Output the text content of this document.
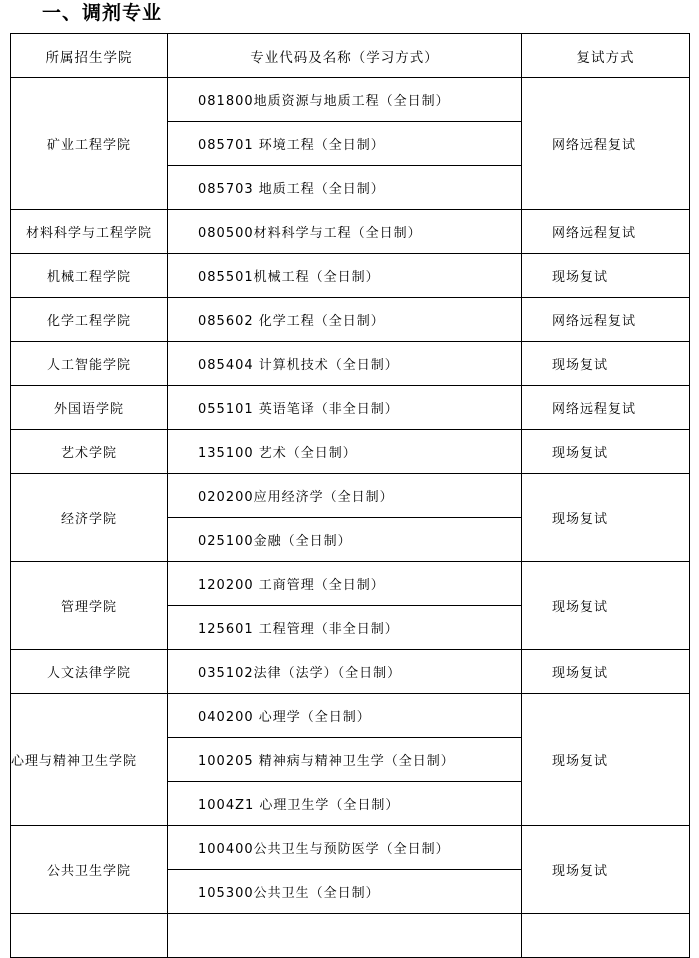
一、调剂专业
所属招生学院	专业代码及名称（学习方式）	复试方式
矿业工程学院	081800地质资源与地质工程（全日制）	网络远程复试
	085701 环境工程（全日制）	
	085703 地质工程（全日制）	
材料科学与工程学院	080500材料科学与工程（全日制）	网络远程复试
机械工程学院	085501机械工程（全日制）	现场复试
化学工程学院	085602 化学工程（全日制）	网络远程复试
人工智能学院	085404 计算机技术（全日制）	现场复试
外国语学院	055101 英语笔译（非全日制）	网络远程复试
艺术学院	135100 艺术（全日制）	现场复试
经济学院	020200应用经济学（全日制）	现场复试
	025100金融（全日制）	
管理学院	120200 工商管理（全日制）	现场复试
	125601 工程管理（非全日制）	
人文法律学院	035102法律（法学）（全日制）	现场复试
心理与精神卫生学院	040200 心理学（全日制）	现场复试
	100205 精神病与精神卫生学（全日制）	
	1004Z1 心理卫生学（全日制）	
公共卫生学院	100400公共卫生与预防医学（全日制）	现场复试
	105300公共卫生（全日制）	
